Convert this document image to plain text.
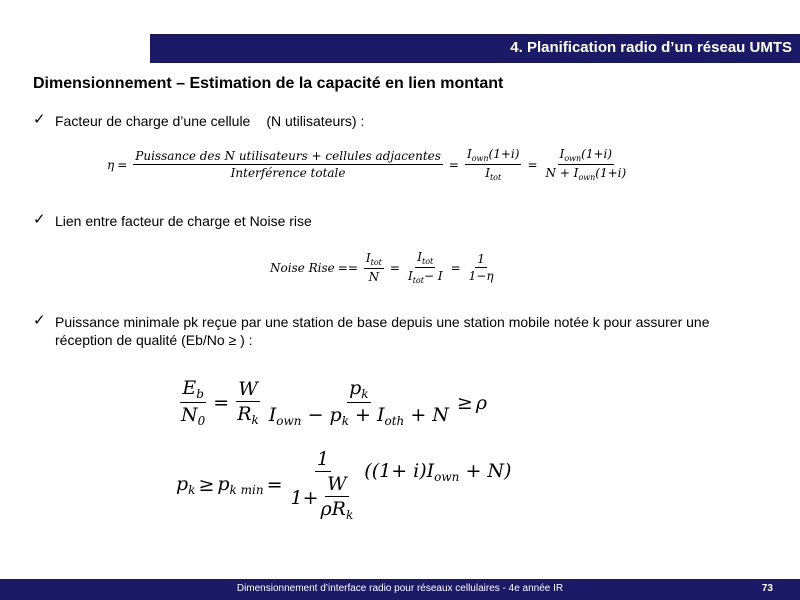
4. Planification radio d’un réseau UMTS
Dimensionnement – Estimation de la capacité en lien montant
✓ Facteur de charge d’une cellule (N utilisateurs) :
$\eta = \frac{\text{Puissance des N utilisateurs + cellules adjacentes}}{\text{Interférence totale}} = \frac{I_{own}(1+i)}{I_{tot}} = \frac{I_{own}(1+i)}{N + I_{own}(1+i)}$
✓ Lien entre facteur de charge et Noise rise
Noise Rise == $\frac{I_{tot}}{N} = \frac{I_{tot}}{I_{tot}- I} = \frac{1}{1-\eta}$
✓ Puissance minimale pk reçue par une station de base depuis une station mobile notée k pour assurer une réception de qualité (Eb/No ≥ ) :
$\frac{E_b}{N_0} = \frac{W}{R_k} \frac{p_k}{I_{own} - p_k + I_{oth} + N} \ge \rho$
$p_k \ge p_{k min} = \frac{1}{1+ \frac{W}{\rho R_k}} ((1+ i)I_{own} + N)$
Dimensionnement d’interface radio pour réseaux cellulaires - 4e année IR	73
